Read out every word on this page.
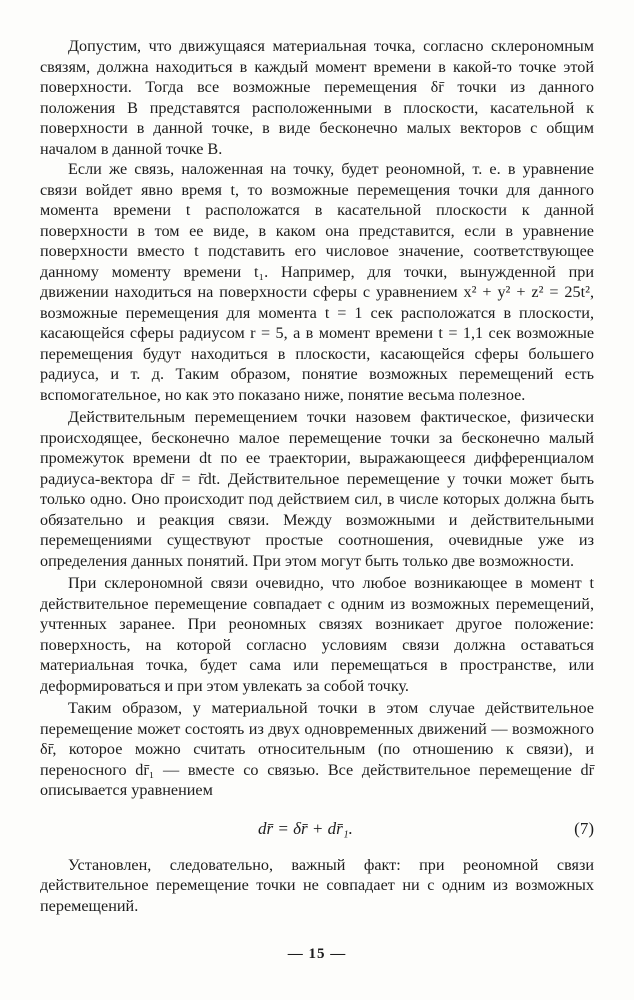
Допустим, что движущаяся материальная точка, согласно склерономным связям, должна находиться в каждый момент времени в какой-то точке этой поверхности. Тогда все возможные перемещения δr̄ точки из данного положения B представятся расположенными в плоскости, касательной к поверхности в данной точке, в виде бесконечно малых векторов с общим началом в данной точке B.

Если же связь, наложенная на точку, будет реономной, т. е. в уравнение связи войдет явно время t, то возможные перемещения точки для данного момента времени t расположатся в касательной плоскости к данной поверхности в том ее виде, в каком она представится, если в уравнение поверхности вместо t подставить его числовое значение, соответствующее данному моменту времени t₁. Например, для точки, вынужденной при движении находиться на поверхности сферы с уравнением x² + y² + z² = 25t², возможные перемещения для момента t = 1 сек расположатся в плоскости, касающейся сферы радиусом r = 5, а в момент времени t = 1,1 сек возможные перемещения будут находиться в плоскости, касающейся сферы большего радиуса, и т. д. Таким образом, понятие возможных перемещений есть вспомогательное, но как это показано ниже, понятие весьма полезное.

Действительным перемещением точки назовем фактическое, физически происходящее, бесконечно малое перемещение точки за бесконечно малый промежуток времени dt по ее траектории, выражающееся дифференциалом радиуса-вектора dr̄ = ṙ̄dt. Действительное перемещение у точки может быть только одно. Оно происходит под действием сил, в числе которых должна быть обязательно и реакция связи. Между возможными и действительными перемещениями существуют простые соотношения, очевидные уже из определения данных понятий. При этом могут быть только две возможности.

При склерономной связи очевидно, что любое возникающее в момент t действительное перемещение совпадает с одним из возможных перемещений, учтенных заранее. При реономных связях возникает другое положение: поверхность, на которой согласно условиям связи должна оставаться материальная точка, будет сама или перемещаться в пространстве, или деформироваться и при этом увлекать за собой точку.

Таким образом, у материальной точки в этом случае действительное перемещение может состоять из двух одновременных движений — возможного δr̄, которое можно считать относительным (по отношению к связи), и переносного dr̄₁ — вместе со связью. Все действительное перемещение dr̄ описывается уравнением

dr̄ = δr̄ + dr̄₁.	(7)

Установлен, следовательно, важный факт: при реономной связи действительное перемещение точки не совпадает ни с одним из возможных перемещений.

— 15 —
